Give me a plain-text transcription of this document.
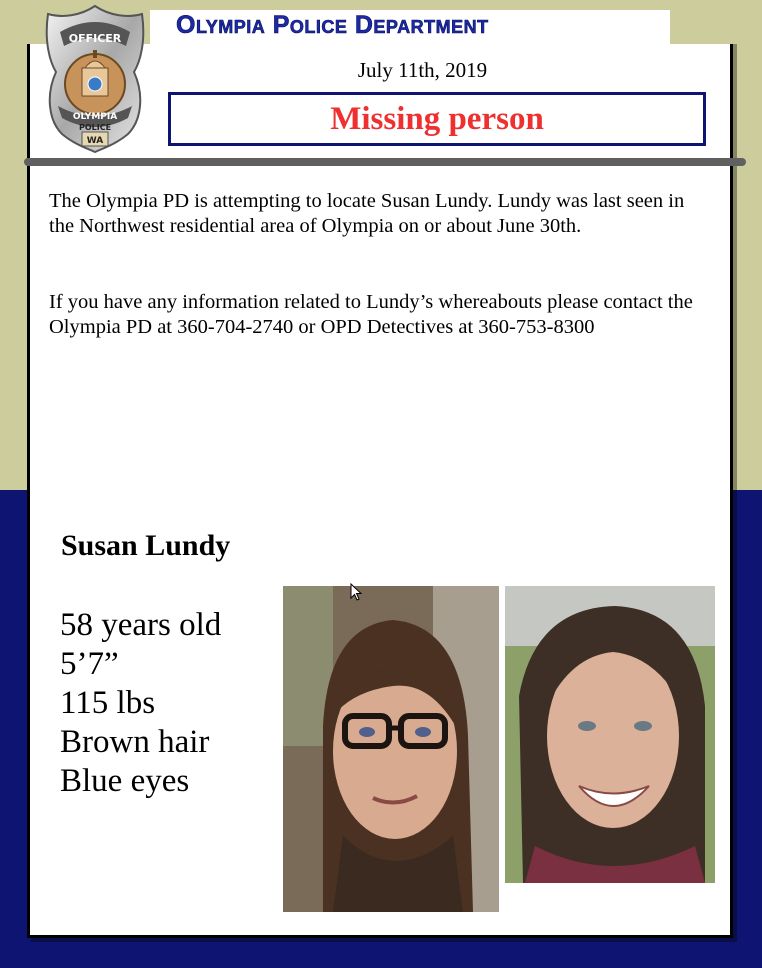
Olympia Police Department
OFFICER
OLYMPIA
POLICE
WA
July 11th, 2019
Missing person

The Olympia PD is attempting to locate Susan Lundy. Lundy was last seen in the Northwest residential area of Olympia on or about June 30th.

If you have any information related to Lundy’s whereabouts please contact the Olympia PD at 360-704-2740 or OPD Detectives at 360-753-8300

Susan Lundy
58 years old
5’7”
115 lbs
Brown hair
Blue eyes
